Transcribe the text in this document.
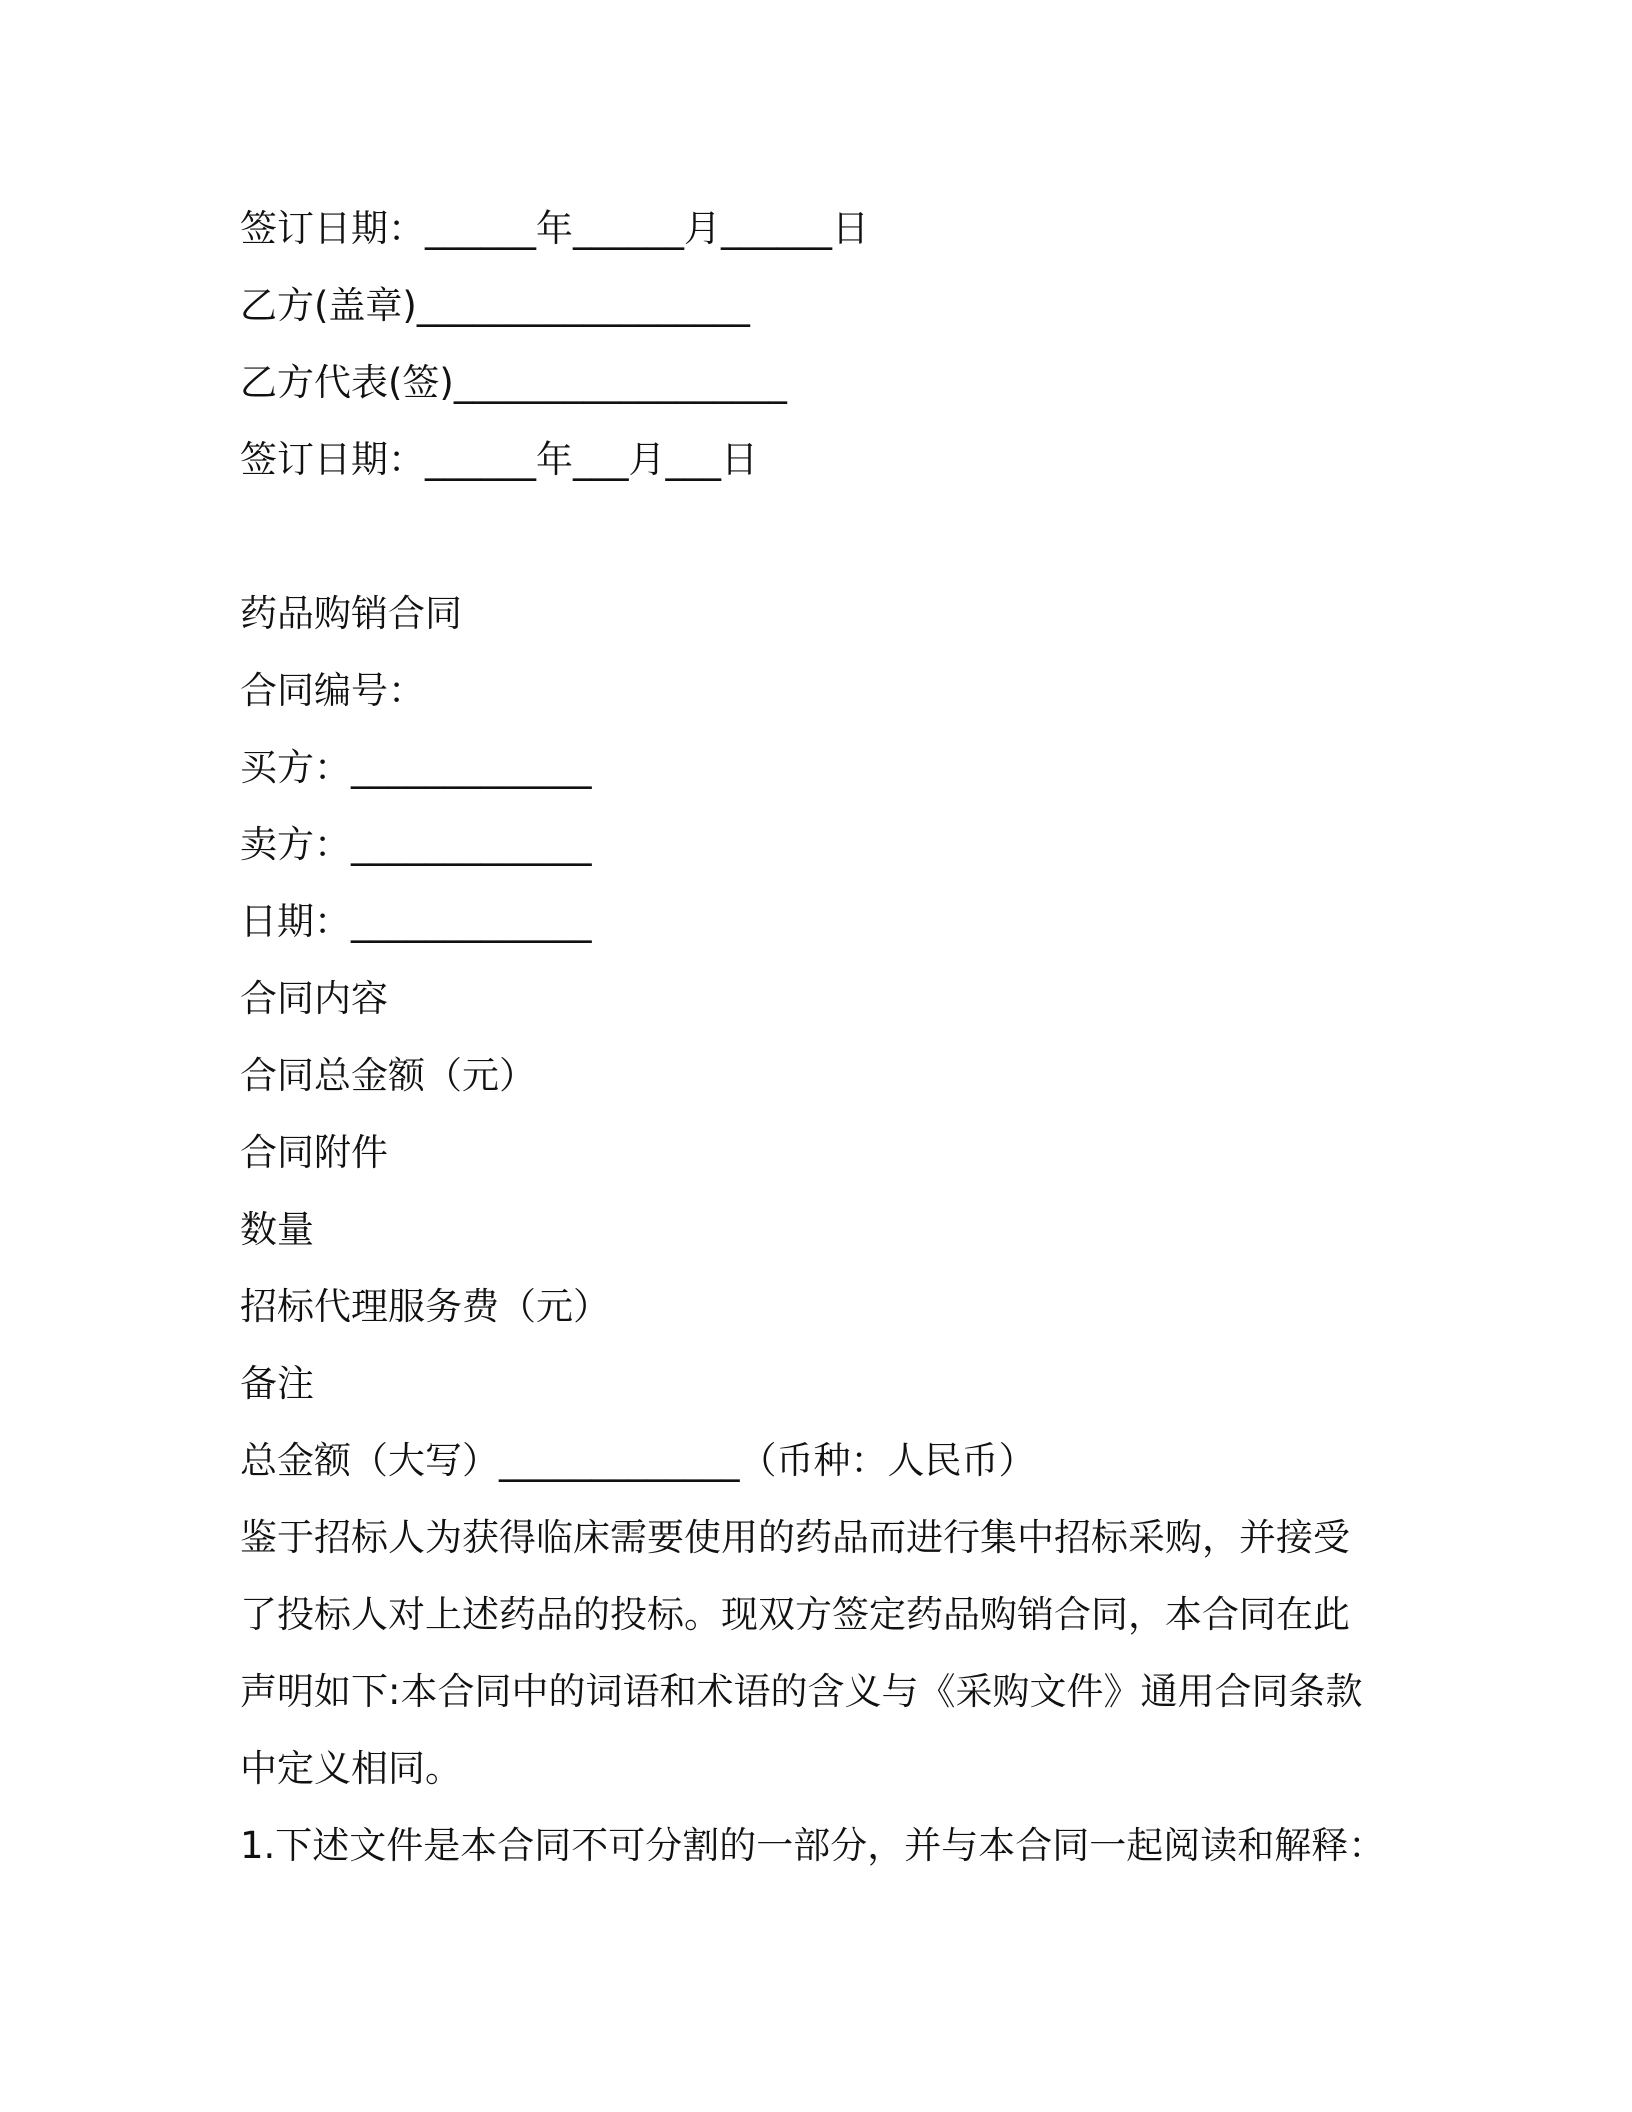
签订日期：______年______月______日
乙方(盖章)__________________
乙方代表(签)__________________
签订日期：______年___月___日
药品购销合同
合同编号：
买方：_____________
卖方：_____________
日期：_____________
合同内容
合同总金额（元）
合同附件
数量
招标代理服务费（元）
备注
总金额（大写）_____________（币种：人民币）
鉴于招标人为获得临床需要使用的药品而进行集中招标采购，并接受了投标人对上述药品的投标。现双方签定药品购销合同，本合同在此声明如下:本合同中的词语和术语的含义与《采购文件》通用合同条款中定义相同。
1.下述文件是本合同不可分割的一部分，并与本合同一起阅读和解释：
